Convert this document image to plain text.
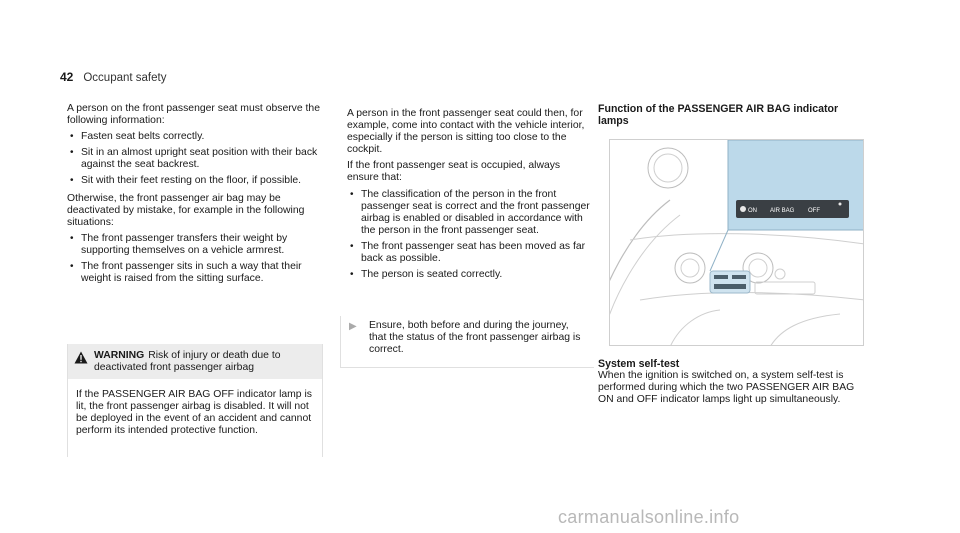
42 Occupant safety

A person on the front passenger seat must observe the following information:

• Fasten seat belts correctly.
• Sit in an almost upright seat position with their back against the seat backrest.
• Sit with their feet resting on the floor, if possible.

Otherwise, the front passenger air bag may be deactivated by mistake, for example in the following situations:

• The front passenger transfers their weight by supporting themselves on a vehicle armrest.
• The front passenger sits in such a way that their weight is raised from the sitting surface.
WARNING Risk of injury or death due to deactivated front passenger airbag
If the PASSENGER AIR BAG OFF indicator lamp is lit, the front passenger airbag is disabled. It will not be deployed in the event of an accident and cannot perform its intended protective function.

A person in the front passenger seat could then, for example, come into contact with the vehicle interior, especially if the person is sitting too close to the cockpit.

If the front passenger seat is occupied, always ensure that:

• The classification of the person in the front passenger seat is correct and the front passenger airbag is enabled or disabled in accordance with the person in the front passenger seat.
• The front passenger seat has been moved as far back as possible.
• The person is seated correctly.
▶	Ensure, both before and during the journey, that the status of the front passenger airbag is correct.
Function of the PASSENGER AIR BAG indicator lamps
ON AIR BAG OFF
System self-test

When the ignition is switched on, a system self-test is performed during which the two PASSENGER AIR BAG ON and OFF indicator lamps light up simultaneously.

carmanualsonline.info
